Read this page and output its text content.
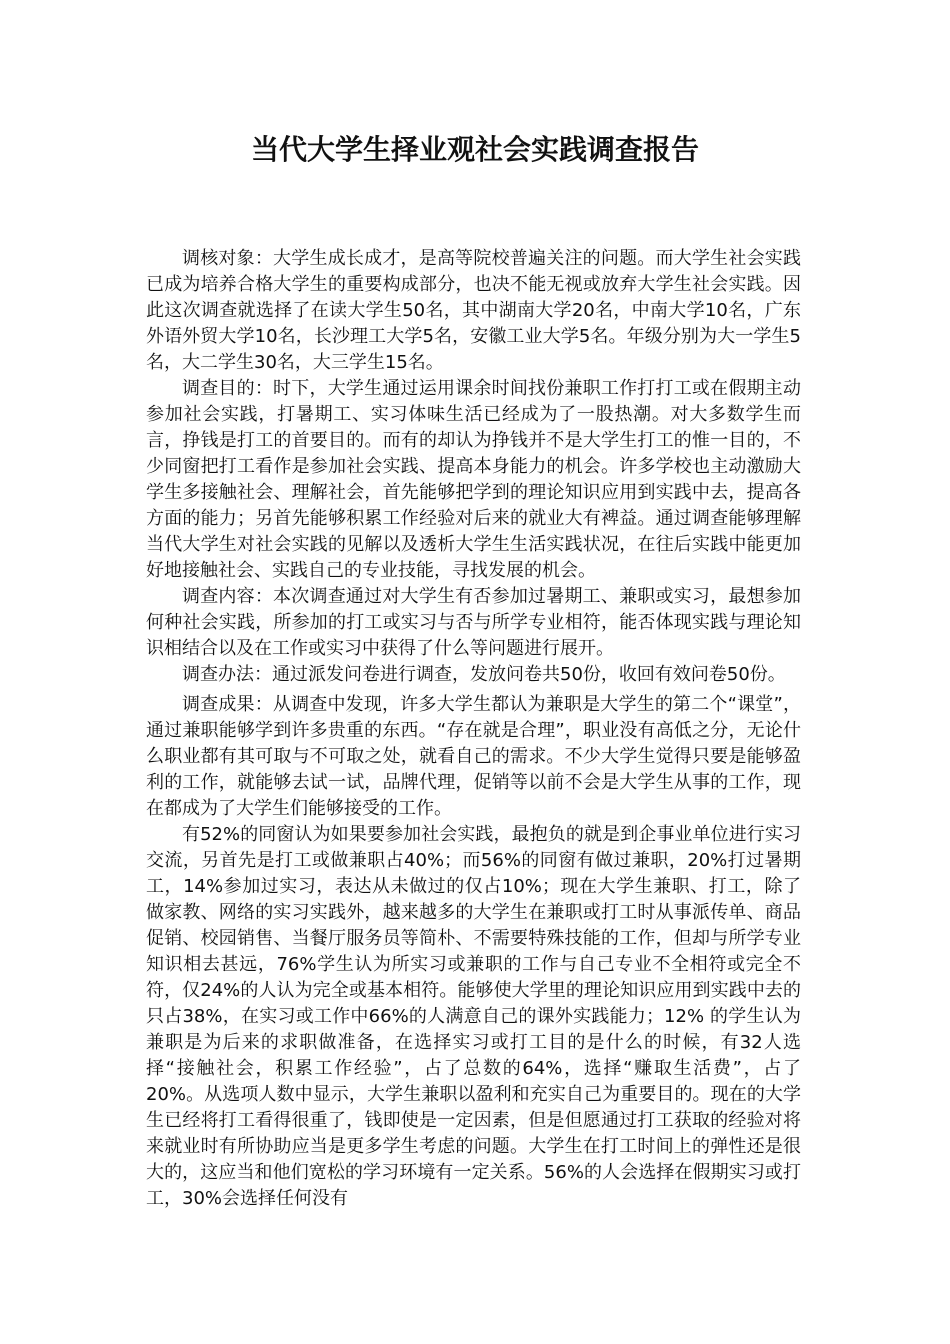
当代大学生择业观社会实践调查报告

调核对象：大学生成长成才，是高等院校普遍关注的问题。而大学生社会实践已成为培养合格大学生的重要构成部分，也决不能无视或放弃大学生社会实践。因此这次调查就选择了在读大学生50名，其中湖南大学20名，中南大学10名，广东外语外贸大学10名，长沙理工大学5名，安徽工业大学5名。年级分别为大一学生5名，大二学生30名，大三学生15名。

调查目的：时下，大学生通过运用课余时间找份兼职工作打打工或在假期主动参加社会实践，打暑期工、实习体味生活已经成为了一股热潮。对大多数学生而言，挣钱是打工的首要目的。而有的却认为挣钱并不是大学生打工的惟一目的，不少同窗把打工看作是参加社会实践、提高本身能力的机会。许多学校也主动激励大学生多接触社会、理解社会，首先能够把学到的理论知识应用到实践中去，提高各方面的能力；另首先能够积累工作经验对后来的就业大有裨益。通过调查能够理解当代大学生对社会实践的见解以及透析大学生生活实践状况，在往后实践中能更加好地接触社会、实践自己的专业技能，寻找发展的机会。

调查内容：本次调查通过对大学生有否参加过暑期工、兼职或实习，最想参加何种社会实践，所参加的打工或实习与否与所学专业相符，能否体现实践与理论知识相结合以及在工作或实习中获得了什么等问题进行展开。

调查办法：通过派发问卷进行调查，发放问卷共50份，收回有效问卷50份。

调查成果：从调查中发现，许多大学生都认为兼职是大学生的第二个“课堂”，通过兼职能够学到许多贵重的东西。“存在就是合理”，职业没有高低之分，无论什么职业都有其可取与不可取之处，就看自己的需求。不少大学生觉得只要是能够盈利的工作，就能够去试一试，品牌代理，促销等以前不会是大学生从事的工作，现在都成为了大学生们能够接受的工作。

有52%的同窗认为如果要参加社会实践，最抱负的就是到企事业单位进行实习交流，另首先是打工或做兼职占40%；而56%的同窗有做过兼职，20%打过暑期工，14%参加过实习，表达从未做过的仅占10%；现在大学生兼职、打工，除了做家教、网络的实习实践外，越来越多的大学生在兼职或打工时从事派传单、商品促销、校园销售、当餐厅服务员等简朴、不需要特殊技能的工作，但却与所学专业知识相去甚远，76%学生认为所实习或兼职的工作与自己专业不全相符或完全不符，仅24%的人认为完全或基本相符。能够使大学里的理论知识应用到实践中去的只占38%，在实习或工作中66%的人满意自己的课外实践能力；12% 的学生认为兼职是为后来的求职做准备，在选择实习或打工目的是什么的时候，有32人选择“接触社会，积累工作经验”，占了总数的64%，选择“赚取生活费”，占了20%。从选项人数中显示，大学生兼职以盈利和充实自己为重要目的。现在的大学生已经将打工看得很重了，钱即使是一定因素，但是但愿通过打工获取的经验对将来就业时有所协助应当是更多学生考虑的问题。大学生在打工时间上的弹性还是很大的，这应当和他们宽松的学习环境有一定关系。56%的人会选择在假期实习或打工，30%会选择任何没有
